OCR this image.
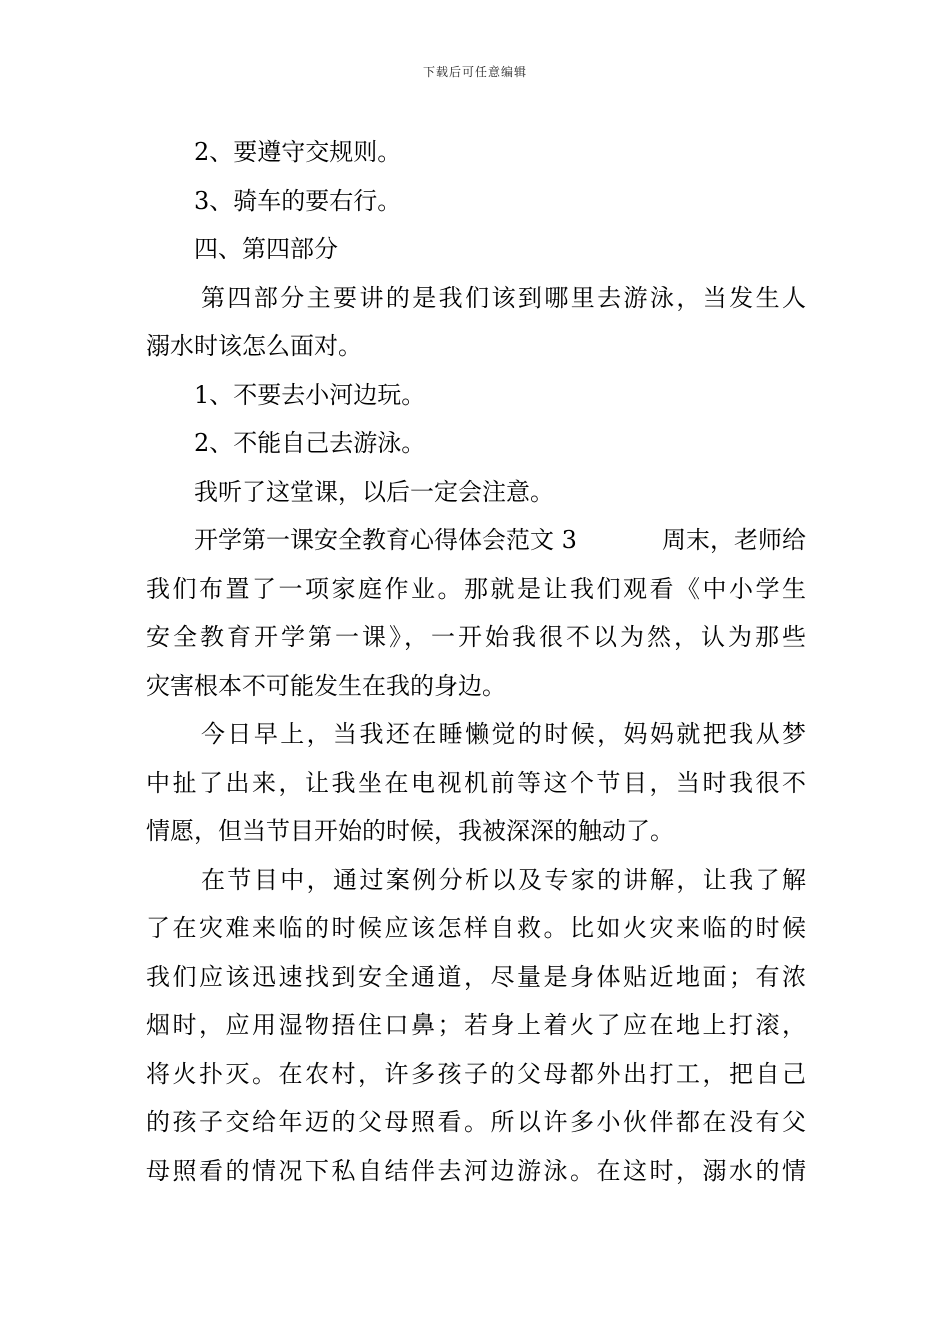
下载后可任意编辑
2、要遵守交规则。
3、骑车的要右行。
四、第四部分
第四部分主要讲的是我们该到哪里去游泳，当发生人
溺水时该怎么面对。
1、不要去小河边玩。
2、不能自己去游泳。
我听了这堂课，以后一定会注意。
开学第一课安全教育心得体会范文 3	周末，老师给
我们布置了一项家庭作业。那就是让我们观看《中小学生
安全教育开学第一课》，一开始我很不以为然，认为那些
灾害根本不可能发生在我的身边。
今日早上，当我还在睡懒觉的时候，妈妈就把我从梦
中扯了出来，让我坐在电视机前等这个节目，当时我很不
情愿，但当节目开始的时候，我被深深的触动了。
在节目中，通过案例分析以及专家的讲解，让我了解
了在灾难来临的时候应该怎样自救。比如火灾来临的时候
我们应该迅速找到安全通道，尽量是身体贴近地面；有浓
烟时，应用湿物捂住口鼻；若身上着火了应在地上打滚，
将火扑灭。在农村，许多孩子的父母都外出打工，把自己
的孩子交给年迈的父母照看。所以许多小伙伴都在没有父
母照看的情况下私自结伴去河边游泳。在这时，溺水的情
